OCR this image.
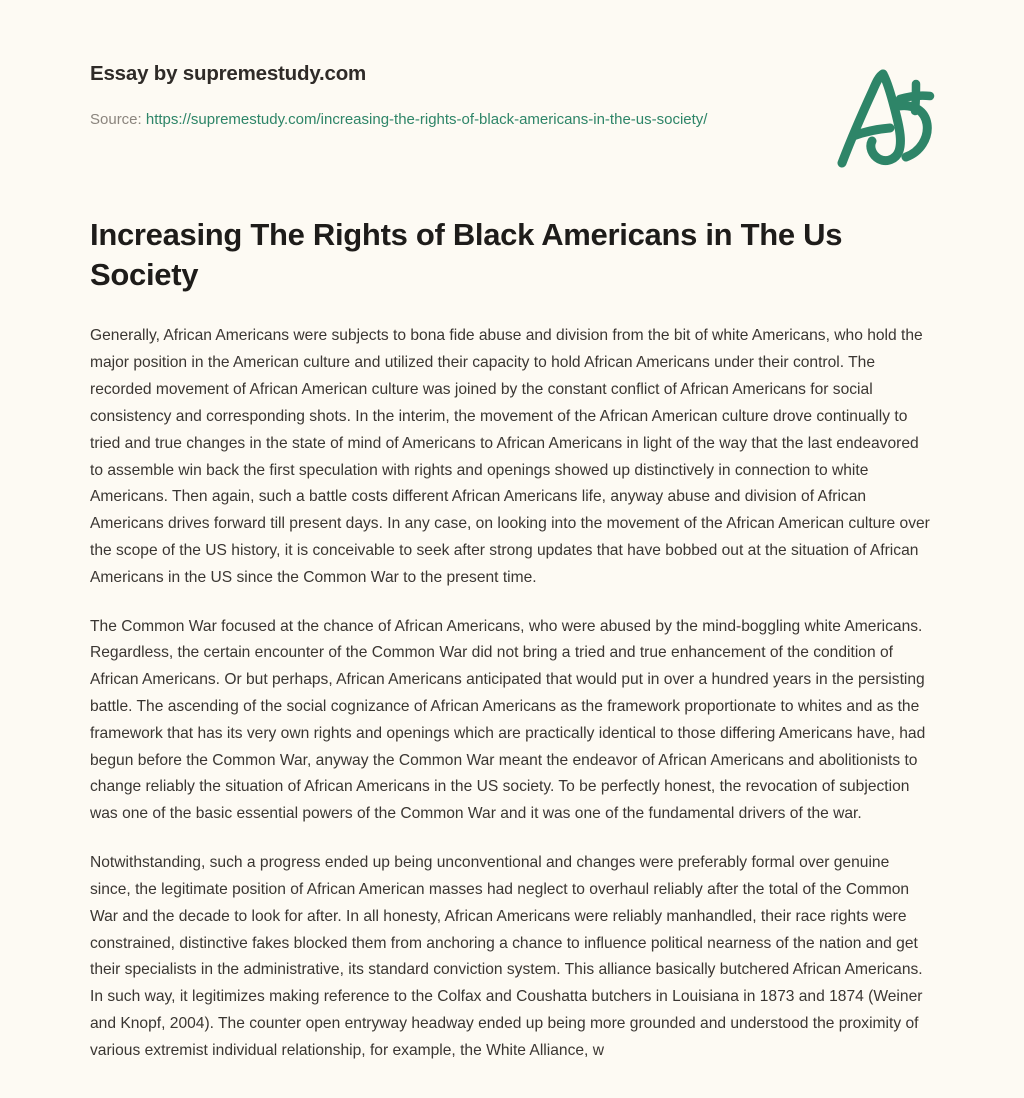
Essay by supremestudy.com

Source: https://supremestudy.com/increasing-the-rights-of-black-americans-in-the-us-society/

Increasing The Rights of Black Americans in The Us Society

Generally, African Americans were subjects to bona fide abuse and division from the bit of white Americans, who hold the major position in the American culture and utilized their capacity to hold African Americans under their control. The recorded movement of African American culture was joined by the constant conflict of African Americans for social consistency and corresponding shots. In the interim, the movement of the African American culture drove continually to tried and true changes in the state of mind of Americans to African Americans in light of the way that the last endeavored to assemble win back the first speculation with rights and openings showed up distinctively in connection to white Americans. Then again, such a battle costs different African Americans life, anyway abuse and division of African Americans drives forward till present days. In any case, on looking into the movement of the African American culture over the scope of the US history, it is conceivable to seek after strong updates that have bobbed out at the situation of African Americans in the US since the Common War to the present time.

The Common War focused at the chance of African Americans, who were abused by the mind-boggling white Americans. Regardless, the certain encounter of the Common War did not bring a tried and true enhancement of the condition of African Americans. Or but perhaps, African Americans anticipated that would put in over a hundred years in the persisting battle. The ascending of the social cognizance of African Americans as the framework proportionate to whites and as the framework that has its very own rights and openings which are practically identical to those differing Americans have, had begun before the Common War, anyway the Common War meant the endeavor of African Americans and abolitionists to change reliably the situation of African Americans in the US society. To be perfectly honest, the revocation of subjection was one of the basic essential powers of the Common War and it was one of the fundamental drivers of the war.

Notwithstanding, such a progress ended up being unconventional and changes were preferably formal over genuine since, the legitimate position of African American masses had neglect to overhaul reliably after the total of the Common War and the decade to look for after. In all honesty, African Americans were reliably manhandled, their race rights were constrained, distinctive fakes blocked them from anchoring a chance to influence political nearness of the nation and get their specialists in the administrative, its standard conviction system. This alliance basically butchered African Americans. In such way, it legitimizes making reference to the Colfax and Coushatta butchers in Louisiana in 1873 and 1874 (Weiner and Knopf, 2004). The counter open entryway headway ended up being more grounded and understood the proximity of various extremist individual relationship, for example, the White Alliance, w
